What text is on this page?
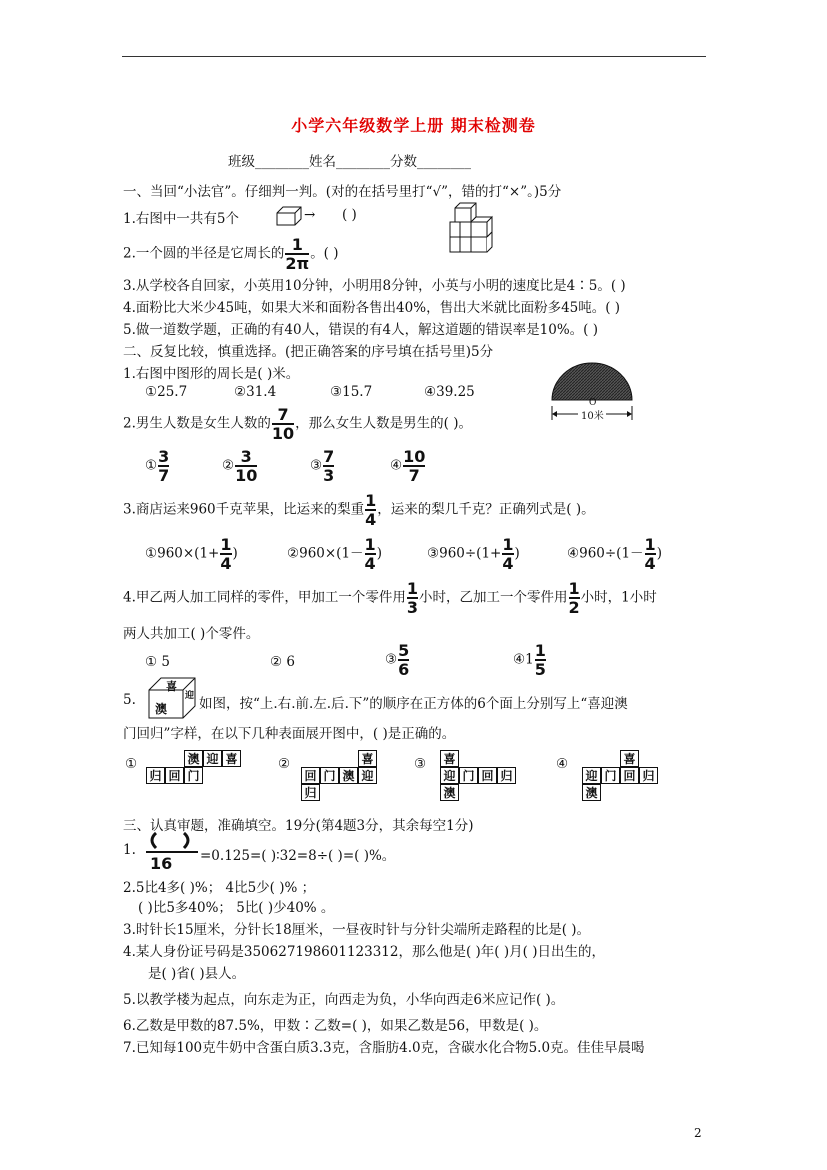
小学六年级数学上册 期末检测卷
班级________姓名________分数________
一、当回“小法官”。仔细判一判。(对的在括号里打“√”，错的打“×”。)5分
1.右图中一共有5个	→ ( )
2.一个圆的半径是它周长的 $\frac{1}{2\pi}$ 。( )
3.从学校各自回家，小英用10分钟，小明用8分钟，小英与小明的速度比是4∶5。( )
4.面粉比大米少45吨，如果大米和面粉各售出40%，售出大米就比面粉多45吨。( )
5.做一道数学题，正确的有40人，错误的有4人，解这道题的错误率是10%。( )
二、反复比较，慎重选择。(把正确答案的序号填在括号里)5分
1.右图中图形的周长是( )米。
①25.7	②31.4	③15.7	④39.25
O
10米
2.男生人数是女生人数的 $\frac{7}{10}$ ，那么女生人数是男生的( )。
① $\frac{3}{7}$	② $\frac{3}{10}$	③ $\frac{7}{3}$	④ $\frac{10}{7}$
3.商店运来960千克苹果，比运来的梨重 $\frac{1}{4}$ ，运来的梨几千克？正确列式是( )。
①960×(1+ $\frac{1}{4}$ )	②960×(1－ $\frac{1}{4}$ )	③960÷(1+ $\frac{1}{4}$ )	④960÷(1－ $\frac{1}{4}$ )
4.甲乙两人加工同样的零件，甲加工一个零件用 $\frac{1}{3}$ 小时，乙加工一个零件用 $\frac{1}{2}$ 小时，1小时
两人共加工( )个零件。
① 5	② 6	③ $\frac{5}{6}$	④1 $\frac{1}{5}$
5.
喜
迎
澳 如图，按“上.右.前.左.后.下”的顺序在正方体的6个面上分别写上“喜迎澳
门回归”字样，在以下几种表面展开图中，( )是正确的。
①	澳 迎 喜
归 回 门
②	喜
回 门 澳 迎
归
③ 喜
迎 门 回 归
澳
④	喜
迎 门 回 归
澳
三、认真审题，准确填空。19分(第4题3分，其余每空1分)
1.
16 =0.125=( )∶32=8÷( )=( )%。
2.5比4多( )%； 4比5少( )% ；
( )比5多40%； 5比( )少40% 。
3.时针长15厘米，分针长18厘米，一昼夜时针与分针尖端所走路程的比是( )。
4.某人身份证号码是350627198601123312，那么他是( )年( )月( )日出生的，
是( )省( )县人。
5.以教学楼为起点，向东走为正，向西走为负，小华向西走6米应记作( )。
6.乙数是甲数的87.5%，甲数∶乙数=( )，如果乙数是56，甲数是( )。
7.已知每100克牛奶中含蛋白质3.3克，含脂肪4.0克，含碳水化合物5.0克。佳佳早晨喝
2
